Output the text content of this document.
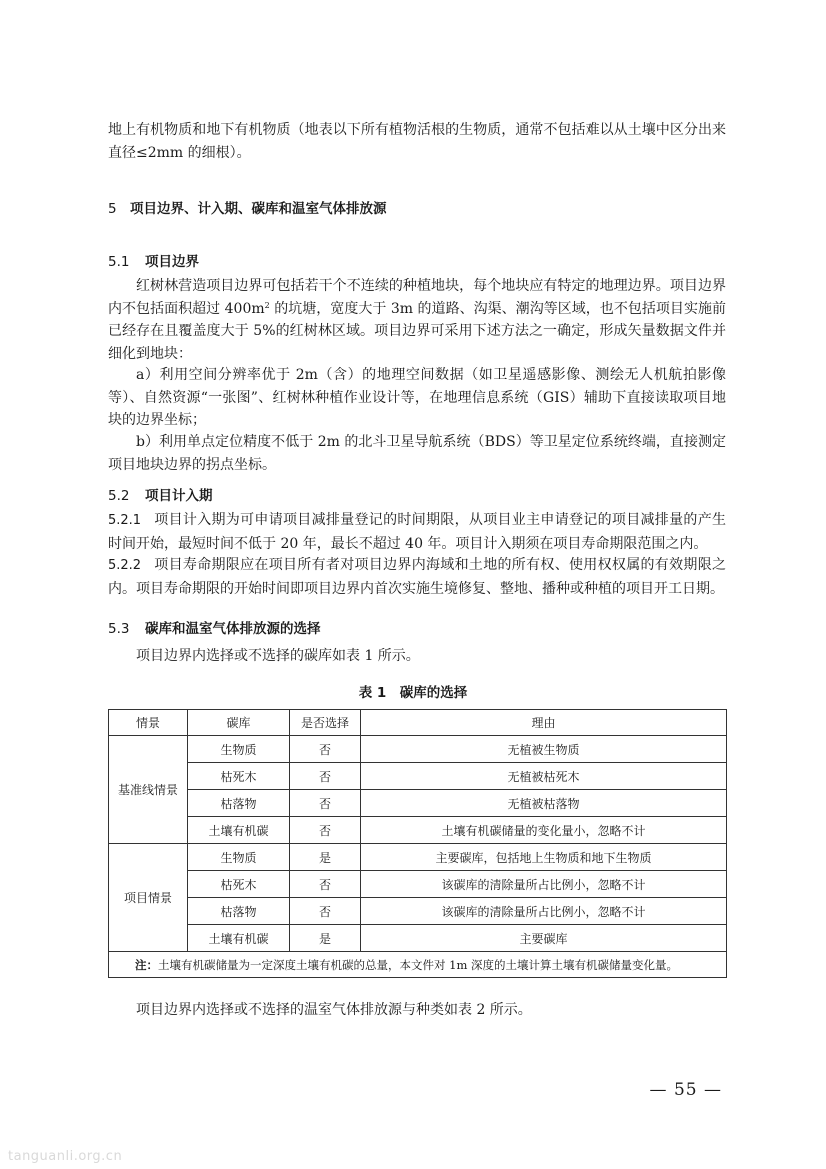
地上有机物质和地下有机物质（地表以下所有植物活根的生物质，通常不包括难以从土壤中区分出来直径≤2mm 的细根）。
5 项目边界、计入期、碳库和温室气体排放源
5.1 项目边界
红树林营造项目边界可包括若干个不连续的种植地块，每个地块应有特定的地理边界。项目边界内不包括面积超过 $400m^2$ 的坑塘，宽度大于 3m 的道路、沟渠、潮沟等区域，也不包括项目实施前已经存在且覆盖度大于 5%的红树林区域。项目边界可采用下述方法之一确定，形成矢量数据文件并细化到地块：
a）利用空间分辨率优于 2m（含）的地理空间数据（如卫星遥感影像、测绘无人机航拍影像等）、自然资源“一张图”、红树林种植作业设计等，在地理信息系统（GIS）辅助下直接读取项目地块的边界坐标；
b）利用单点定位精度不低于 2m 的北斗卫星导航系统（BDS）等卫星定位系统终端，直接测定项目地块边界的拐点坐标。
5.2 项目计入期
5.2.1 项目计入期为可申请项目减排量登记的时间期限，从项目业主申请登记的项目减排量的产生时间开始，最短时间不低于 20 年，最长不超过 40 年。项目计入期须在项目寿命期限范围之内。
5.2.2 项目寿命期限应在项目所有者对项目边界内海域和土地的所有权、使用权权属的有效期限之内。项目寿命期限的开始时间即项目边界内首次实施生境修复、整地、播种或种植的项目开工日期。
5.3 碳库和温室气体排放源的选择
项目边界内选择或不选择的碳库如表 1 所示。
表 1　碳库的选择
情景	碳库	是否选择	理由
基准线情景	生物质	否	无植被生物质
	枯死木	否	无植被枯死木
	枯落物	否	无植被枯落物
	土壤有机碳	否	土壤有机碳储量的变化量小，忽略不计
项目情景	生物质	是	主要碳库，包括地上生物质和地下生物质
	枯死木	否	该碳库的清除量所占比例小，忽略不计
	枯落物	否	该碳库的清除量所占比例小，忽略不计
	土壤有机碳	是	主要碳库
注：土壤有机碳储量为一定深度土壤有机碳的总量，本文件对 1m 深度的土壤计算土壤有机碳储量变化量。			
项目边界内选择或不选择的温室气体排放源与种类如表 2 所示。
— 55 —
tanguanli.org.cn
